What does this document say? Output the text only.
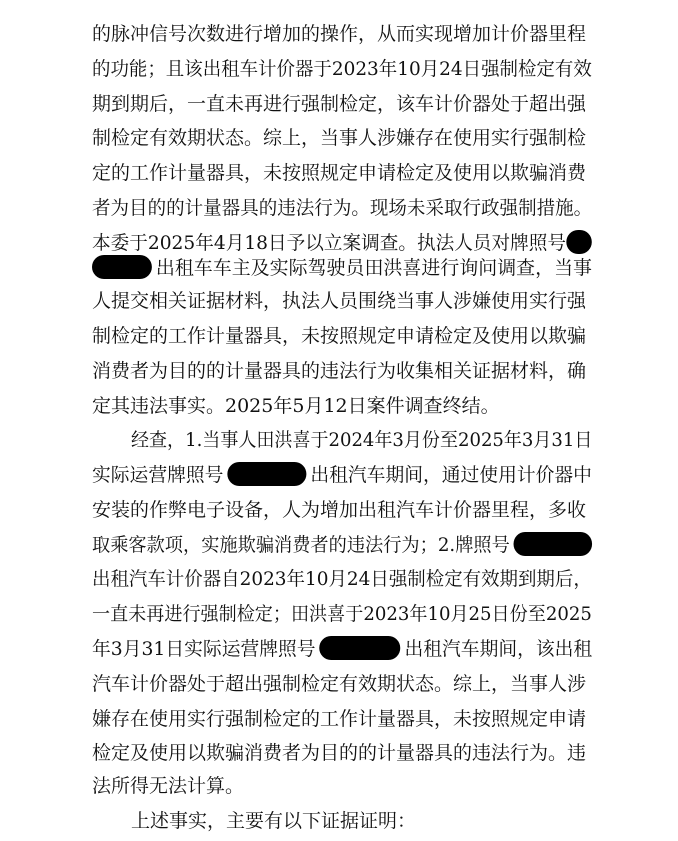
的脉冲信号次数进行增加的操作，从而实现增加计价器里程
的功能；且该出租车计价器于2023年10月24日强制检定有效
期到期后，一直未再进行强制检定，该车计价器处于超出强
制检定有效期状态。综上，当事人涉嫌存在使用实行强制检
定的工作计量器具，未按照规定申请检定及使用以欺骗消费
者为目的的计量器具的违法行为。现场未采取行政强制措施。
本委于2025年4月18日予以立案调查。执法人员对牌照号
出租车车主及实际驾驶员田洪喜进行询问调查，当事
人提交相关证据材料，执法人员围绕当事人涉嫌使用实行强
制检定的工作计量器具，未按照规定申请检定及使用以欺骗
消费者为目的的计量器具的违法行为收集相关证据材料，确
定其违法事实。2025年5月12日案件调查终结。
经查，1.当事人田洪喜于2024年3月份至2025年3月31日
实际运营牌照号	出租汽车期间，通过使用计价器中
安装的作弊电子设备，人为增加出租汽车计价器里程，多收
取乘客款项，实施欺骗消费者的违法行为；2.牌照号
出租汽车计价器自2023年10月24日强制检定有效期到期后，
一直未再进行强制检定；田洪喜于2023年10月25日份至2025
年3月31日实际运营牌照号	出租汽车期间，该出租
汽车计价器处于超出强制检定有效期状态。综上，当事人涉
嫌存在使用实行强制检定的工作计量器具，未按照规定申请
检定及使用以欺骗消费者为目的的计量器具的违法行为。违
法所得无法计算。
上述事实，主要有以下证据证明：
